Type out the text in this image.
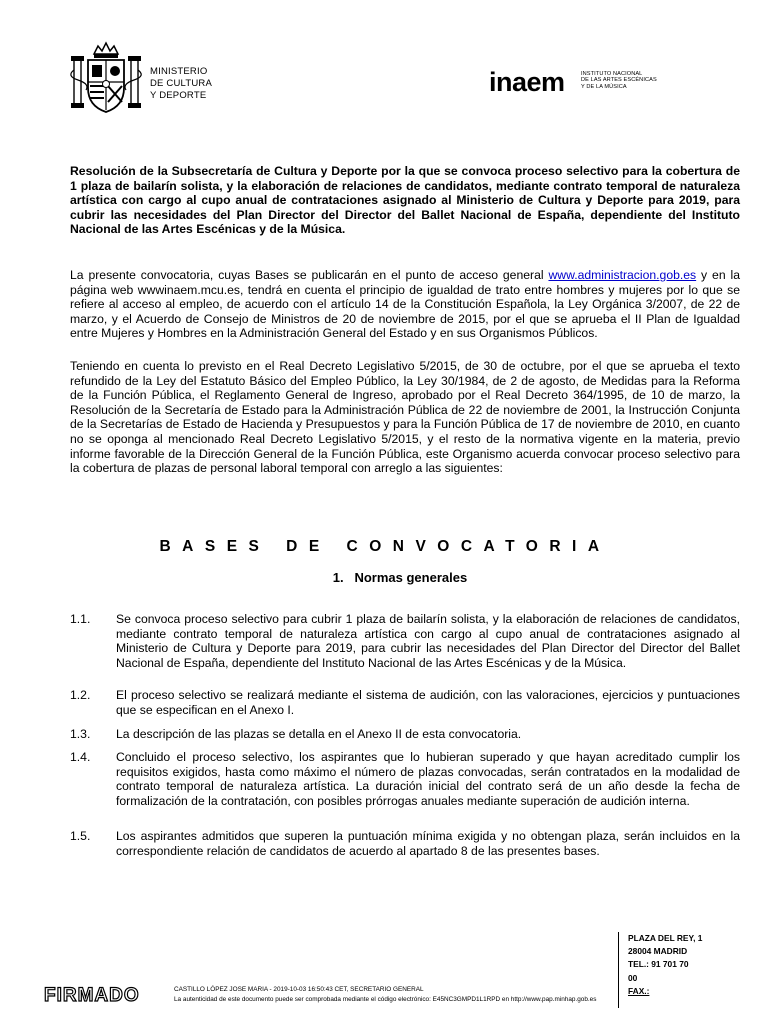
MINISTERIO
DE CULTURA
Y DEPORTE	inaem	INSTITUTO NACIONAL
DE LAS ARTES ESCÉNICAS
Y DE LA MÚSICA
Resolución de la Subsecretaría de Cultura y Deporte por la que se convoca proceso selectivo para la cobertura de 1 plaza de bailarín solista, y la elaboración de relaciones de candidatos, mediante contrato temporal de naturaleza artística con cargo al cupo anual de contrataciones asignado al Ministerio de Cultura y Deporte para 2019, para cubrir las necesidades del Plan Director del Director del Ballet Nacional de España, dependiente del Instituto Nacional de las Artes Escénicas y de la Música.
La presente convocatoria, cuyas Bases se publicarán en el punto de acceso general www.administracion.gob.es y en la página web wwwinaem.mcu.es, tendrá en cuenta el principio de igualdad de trato entre hombres y mujeres por lo que se refiere al acceso al empleo, de acuerdo con el artículo 14 de la Constitución Española, la Ley Orgánica 3/2007, de 22 de marzo, y el Acuerdo de Consejo de Ministros de 20 de noviembre de 2015, por el que se aprueba el II Plan de Igualdad entre Mujeres y Hombres en la Administración General del Estado y en sus Organismos Públicos.
Teniendo en cuenta lo previsto en el Real Decreto Legislativo 5/2015, de 30 de octubre, por el que se aprueba el texto refundido de la Ley del Estatuto Básico del Empleo Público, la Ley 30/1984, de 2 de agosto, de Medidas para la Reforma de la Función Pública, el Reglamento General de Ingreso, aprobado por el Real Decreto 364/1995, de 10 de marzo, la Resolución de la Secretaría de Estado para la Administración Pública de 22 de noviembre de 2001, la Instrucción Conjunta de la Secretarías de Estado de Hacienda y Presupuestos y para la Función Pública de 17 de noviembre de 2010, en cuanto no se oponga al mencionado Real Decreto Legislativo 5/2015, y el resto de la normativa vigente en la materia, previo informe favorable de la Dirección General de la Función Pública, este Organismo acuerda convocar proceso selectivo para la cobertura de plazas de personal laboral temporal con arreglo a las siguientes:
BASES DE CONVOCATORIA
1.   Normas generales
1.1. Se convoca proceso selectivo para cubrir 1 plaza de bailarín solista, y la elaboración de relaciones de candidatos, mediante contrato temporal de naturaleza artística con cargo al cupo anual de contrataciones asignado al Ministerio de Cultura y Deporte para 2019, para cubrir las necesidades del Plan Director del Director del Ballet Nacional de España, dependiente del Instituto Nacional de las Artes Escénicas y de la Música.
1.2. El proceso selectivo se realizará mediante el sistema de audición, con las valoraciones, ejercicios y puntuaciones que se especifican en el Anexo I.
1.3. La descripción de las plazas se detalla en el Anexo II de esta convocatoria.
1.4. Concluido el proceso selectivo, los aspirantes que lo hubieran superado y que hayan acreditado cumplir los requisitos exigidos, hasta como máximo el número de plazas convocadas, serán contratados en la modalidad de contrato temporal de naturaleza artística. La duración inicial del contrato será de un año desde la fecha de formalización de la contratación, con posibles prórrogas anuales mediante superación de audición interna.
1.5. Los aspirantes admitidos que superen la puntuación mínima exigida y no obtengan plaza, serán incluidos en la correspondiente relación de candidatos de acuerdo al apartado 8 de las presentes bases.
PLAZA DEL REY, 1
28004 MADRID
TEL.: 91 701 70
00
FAX.:
FIRMADO	CASTILLO LÓPEZ JOSE MARIA - 2019-10-03 16:50:43 CET, SECRETARIO GENERAL
La autenticidad de este documento puede ser comprobada mediante el código electrónico: E45NC3GMPD1L1RPD en http://www.pap.minhap.gob.es
